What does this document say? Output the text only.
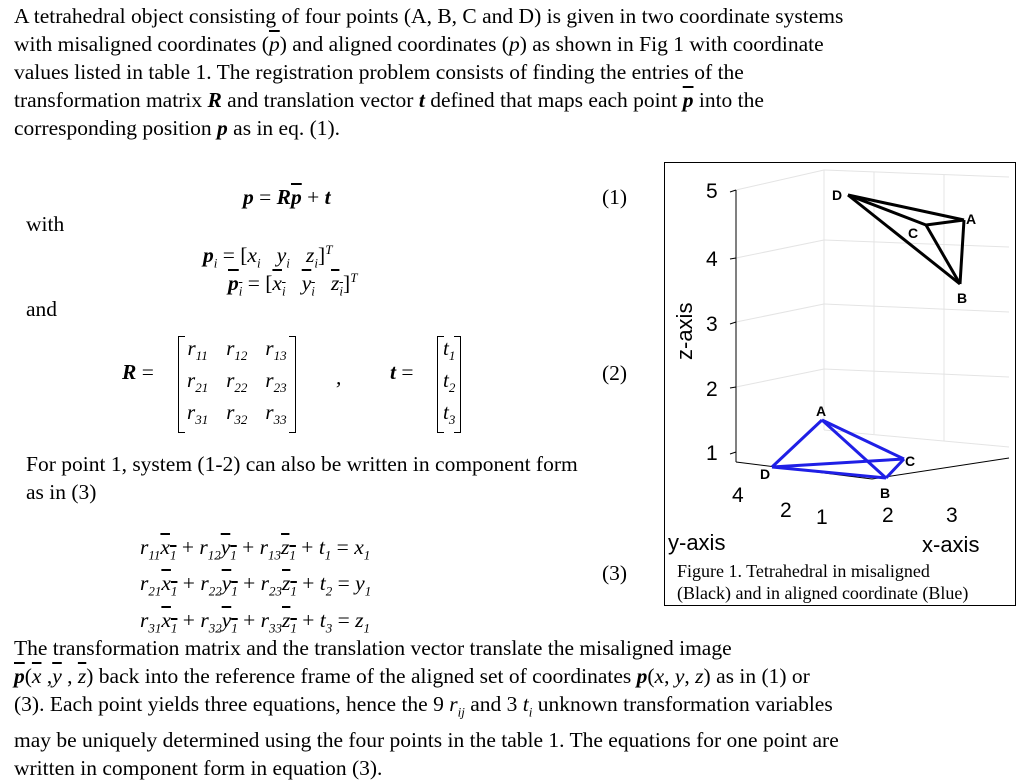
A tetrahedral object consisting of four points (A, B, C and D) is given in two coordinate systems
with misaligned coordinates $(\overline{p})$ and aligned coordinates (p) as shown in Fig 1 with coordinate
values listed in table 1. The registration problem consists of finding the entries of the
transformation matrix R and translation vector t defined that maps each point $\overline{p}$ into the
corresponding position p as in eq. (1).
$p = R\overline{p} + t$	(1)
with
$p_i = [x_i$   $y_i$   $z_i]^T$
$\overline{p}_{\overline{i}} = [\overline{x}_{\overline{i}}$ $\overline{y}_{\overline{i}}$ $\overline{z}_{\overline{i}}]^T$
and
R =
$r_{11}$	$r_{12}$	$r_{13}$
$r_{21}$	$r_{22}$	$r_{23}$
$r_{31}$	$r_{32}$	$r_{33}$
, t =
$t_1$
$t_2$
$t_3$
(2)
For point 1, system (1-2) can also be written in component form
as in (3)
$r_{11}x_1 + r_{12}y_1 + r_{13}z_1 + t_1 = x_1$
$r_{21}x_1 + r_{22}y_1 + r_{23}z_1 + t_2 = y_1$
$r_{31}x_1 + r_{32}y_1 + r_{33}z_1 + t_3 = z_1$
(3)
5
4
3
2
1
z-axis
4
2 1	2 3
y-axis	x-axis
D
A
C
B
A
D
C
B
Figure 1. Tetrahedral in misaligned
(Black) and in aligned coordinate (Blue)
The transformation matrix and the translation vector translate the misaligned image
$\overline{p}(\overline{x}$ $,\overline{y}$ , $\overline{z}$) back into the reference frame of the aligned set of coordinates p(x, y, z) as in (1) or
(3). Each point yields three equations, hence the 9 $r_{ij}$ and 3 $t_i$ unknown transformation variables
may be uniquely determined using the four points in the table 1. The equations for one point are
written in component form in equation (3).
